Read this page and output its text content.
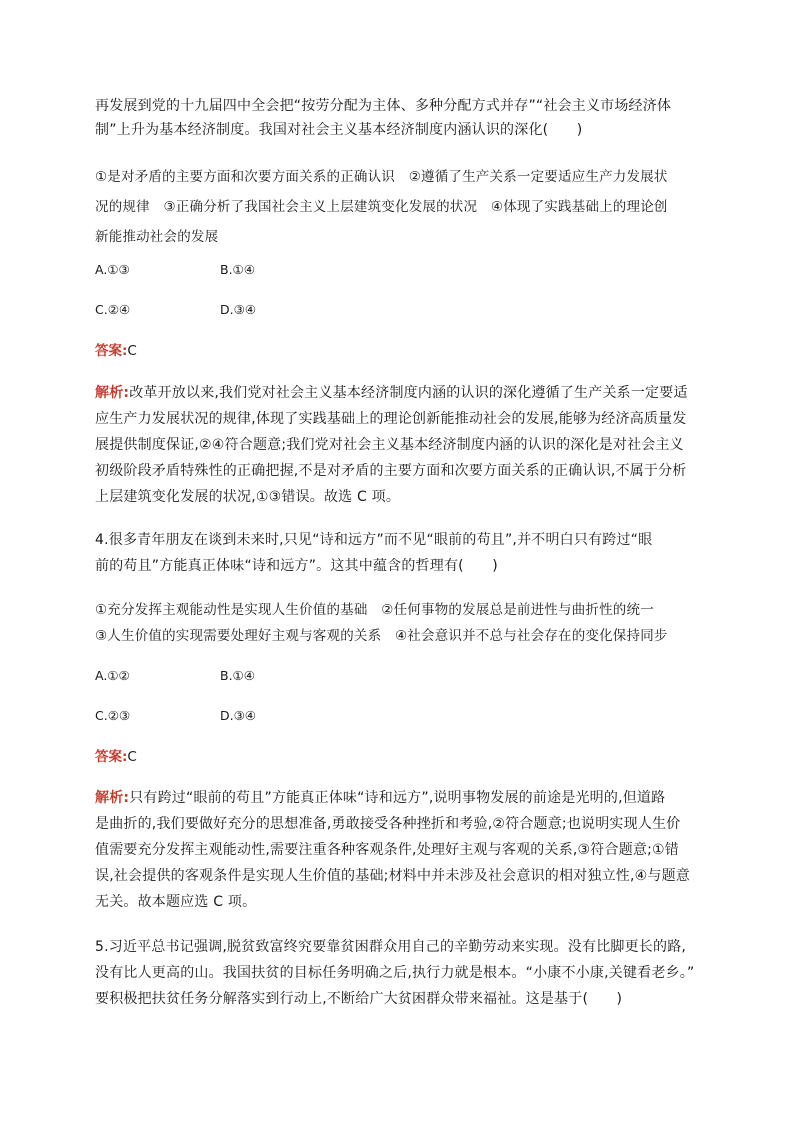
再发展到党的十九届四中全会把“按劳分配为主体、多种分配方式并存”“社会主义市场经济体
制”上升为基本经济制度。我国对社会主义基本经济制度内涵认识的深化(　　)
①是对矛盾的主要方面和次要方面关系的正确认识　②遵循了生产关系一定要适应生产力发展状
况的规律　③正确分析了我国社会主义上层建筑变化发展的状况　④体现了实践基础上的理论创
新能推动社会的发展
A.①③	B.①④
C.②④	D.③④
答案:C
解析:改革开放以来,我们党对社会主义基本经济制度内涵的认识的深化遵循了生产关系一定要适
应生产力发展状况的规律,体现了实践基础上的理论创新能推动社会的发展,能够为经济高质量发
展提供制度保证,②④符合题意;我们党对社会主义基本经济制度内涵的认识的深化是对社会主义
初级阶段矛盾特殊性的正确把握,不是对矛盾的主要方面和次要方面关系的正确认识,不属于分析
上层建筑变化发展的状况,①③错误。故选 C 项。
4.很多青年朋友在谈到未来时,只见“诗和远方”而不见“眼前的苟且”,并不明白只有跨过“眼
前的苟且”方能真正体味“诗和远方”。这其中蕴含的哲理有(　　)
①充分发挥主观能动性是实现人生价值的基础　②任何事物的发展总是前进性与曲折性的统一
③人生价值的实现需要处理好主观与客观的关系　④社会意识并不总与社会存在的变化保持同步
A.①②	B.①④
C.②③	D.③④
答案:C
解析:只有跨过“眼前的苟且”方能真正体味“诗和远方”,说明事物发展的前途是光明的,但道路
是曲折的,我们要做好充分的思想准备,勇敢接受各种挫折和考验,②符合题意;也说明实现人生价
值需要充分发挥主观能动性,需要注重各种客观条件,处理好主观与客观的关系,③符合题意;①错
误,社会提供的客观条件是实现人生价值的基础;材料中并未涉及社会意识的相对独立性,④与题意
无关。故本题应选 C 项。
5.习近平总书记强调,脱贫致富终究要靠贫困群众用自己的辛勤劳动来实现。没有比脚更长的路,
没有比人更高的山。我国扶贫的目标任务明确之后,执行力就是根本。“小康不小康,关键看老乡。”
要积极把扶贫任务分解落实到行动上,不断给广大贫困群众带来福祉。这是基于(　　)
